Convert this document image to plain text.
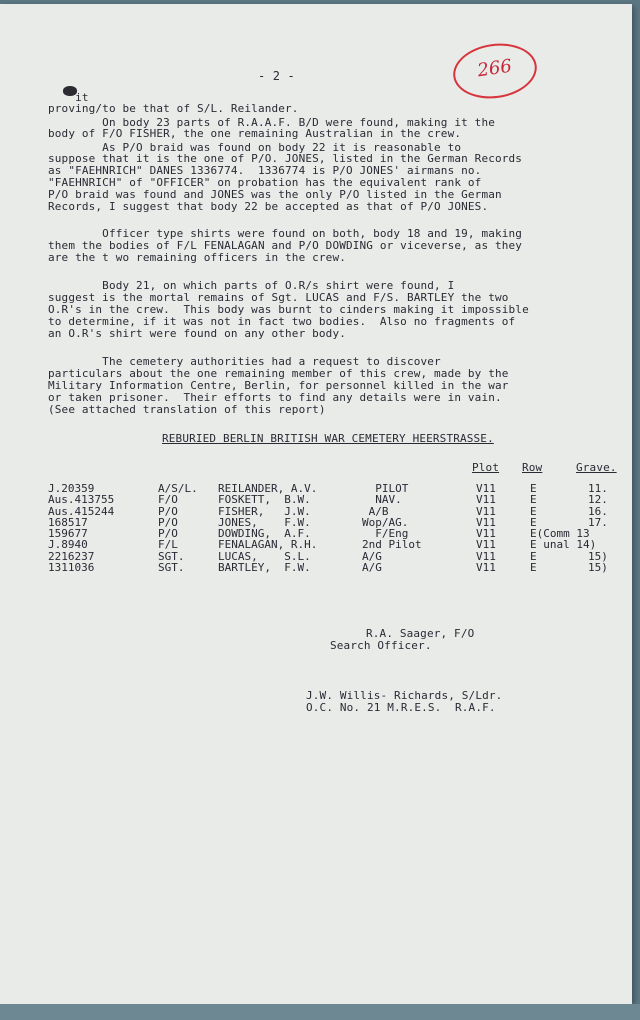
- 2 -	266
it
proving/to be that of S/L. Reilander.
On body 23 parts of R.A.A.F. B/D were found, making it the
body of F/O FISHER, the one remaining Australian in the crew.
As P/O braid was found on body 22 it is reasonable to
suppose that it is the one of P/O. JONES, listed in the German Records
as "FAEHNRICH" DANES 1336774.  1336774 is P/O JONES' airmans no.
"FAEHNRICH" of "OFFICER" on probation has the equivalent rank of
P/O braid was found and JONES was the only P/O listed in the German
Records, I suggest that body 22 be accepted as that of P/O JONES.
Officer type shirts were found on both, body 18 and 19, making
them the bodies of F/L FENALAGAN and P/O DOWDING or viceverse, as they
are the t wo remaining officers in the crew.
Body 21, on which parts of O.R/s shirt were found, I
suggest is the mortal remains of Sgt. LUCAS and F/S. BARTLEY the two
O.R's in the crew.  This body was burnt to cinders making it impossible
to determine, if it was not in fact two bodies.  Also no fragments of
an O.R's shirt were found on any other body.
The cemetery authorities had a request to discover
particulars about the one remaining member of this crew, made by the
Military Information Centre, Berlin, for personnel killed in the war
or taken prisoner.  Their efforts to find any details were in vain.
(See attached translation of this report)
REBURIED BERLIN BRITISH WAR CEMETERY HEERSTRASSE.
Plot Row	Grave.
J.20359
Aus.413755
Aus.415244
168517
159677
J.8940
2216237
1311036
A/S/L.
F/O
P/O
P/O
P/O
F/L
SGT.
SGT.
REILANDER, A.V.
FOSKETT,  B.W.
FISHER,   J.W.
JONES,    F.W.
DOWDING,  A.F.
FENALAGAN, R.H.
LUCAS,    S.L.
BARTLEY,  F.W.
PILOT
NAV.
A/B
Wop/AG.
F/Eng
2nd Pilot
A/G
A/G
V11
V11
V11
V11
V11
V11
V11
V11
E
E
E
E
E(Comm 13
E unal 14)
E
E
11.
12.
16.
17.

15)
15)
R.A. Saager, F/O
Search Officer.
J.W. Willis- Richards, S/Ldr.
O.C. No. 21 M.R.E.S.  R.A.F.
